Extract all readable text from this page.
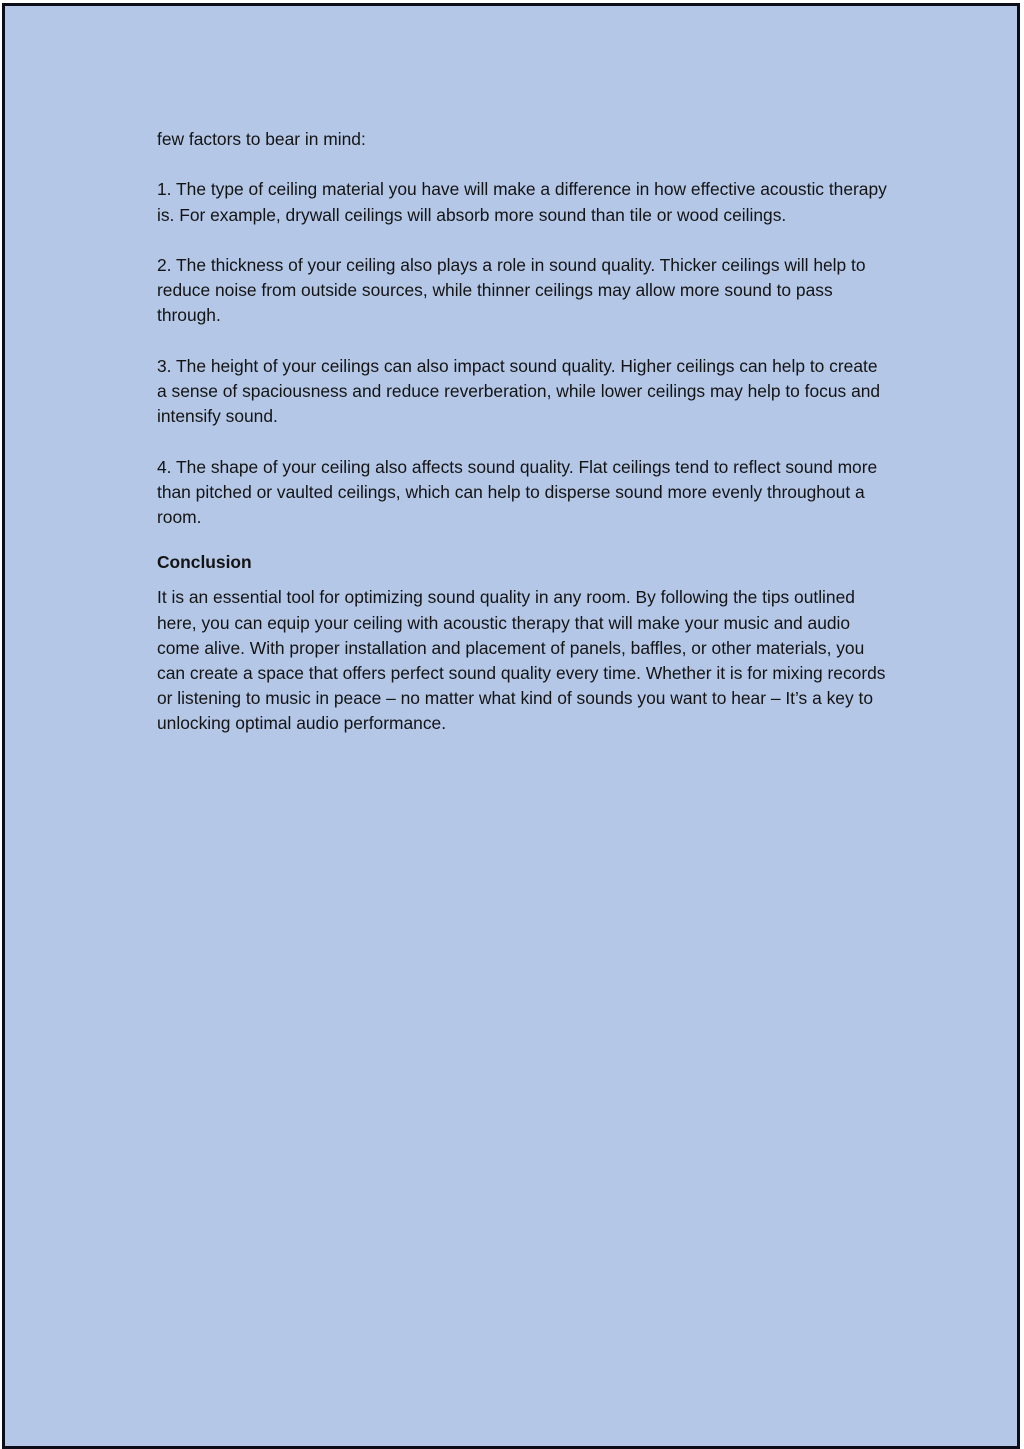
few factors to bear in mind:

1. The type of ceiling material you have will make a difference in how effective acoustic therapy is. For example, drywall ceilings will absorb more sound than tile or wood ceilings.

2. The thickness of your ceiling also plays a role in sound quality. Thicker ceilings will help to reduce noise from outside sources, while thinner ceilings may allow more sound to pass through.

3. The height of your ceilings can also impact sound quality. Higher ceilings can help to create a sense of spaciousness and reduce reverberation, while lower ceilings may help to focus and intensify sound.

4. The shape of your ceiling also affects sound quality. Flat ceilings tend to reflect sound more than pitched or vaulted ceilings, which can help to disperse sound more evenly throughout a room.

Conclusion

It is an essential tool for optimizing sound quality in any room. By following the tips outlined here, you can equip your ceiling with acoustic therapy that will make your music and audio come alive. With proper installation and placement of panels, baffles, or other materials, you can create a space that offers perfect sound quality every time. Whether it is for mixing records or listening to music in peace – no matter what kind of sounds you want to hear – It’s a key to unlocking optimal audio performance.
